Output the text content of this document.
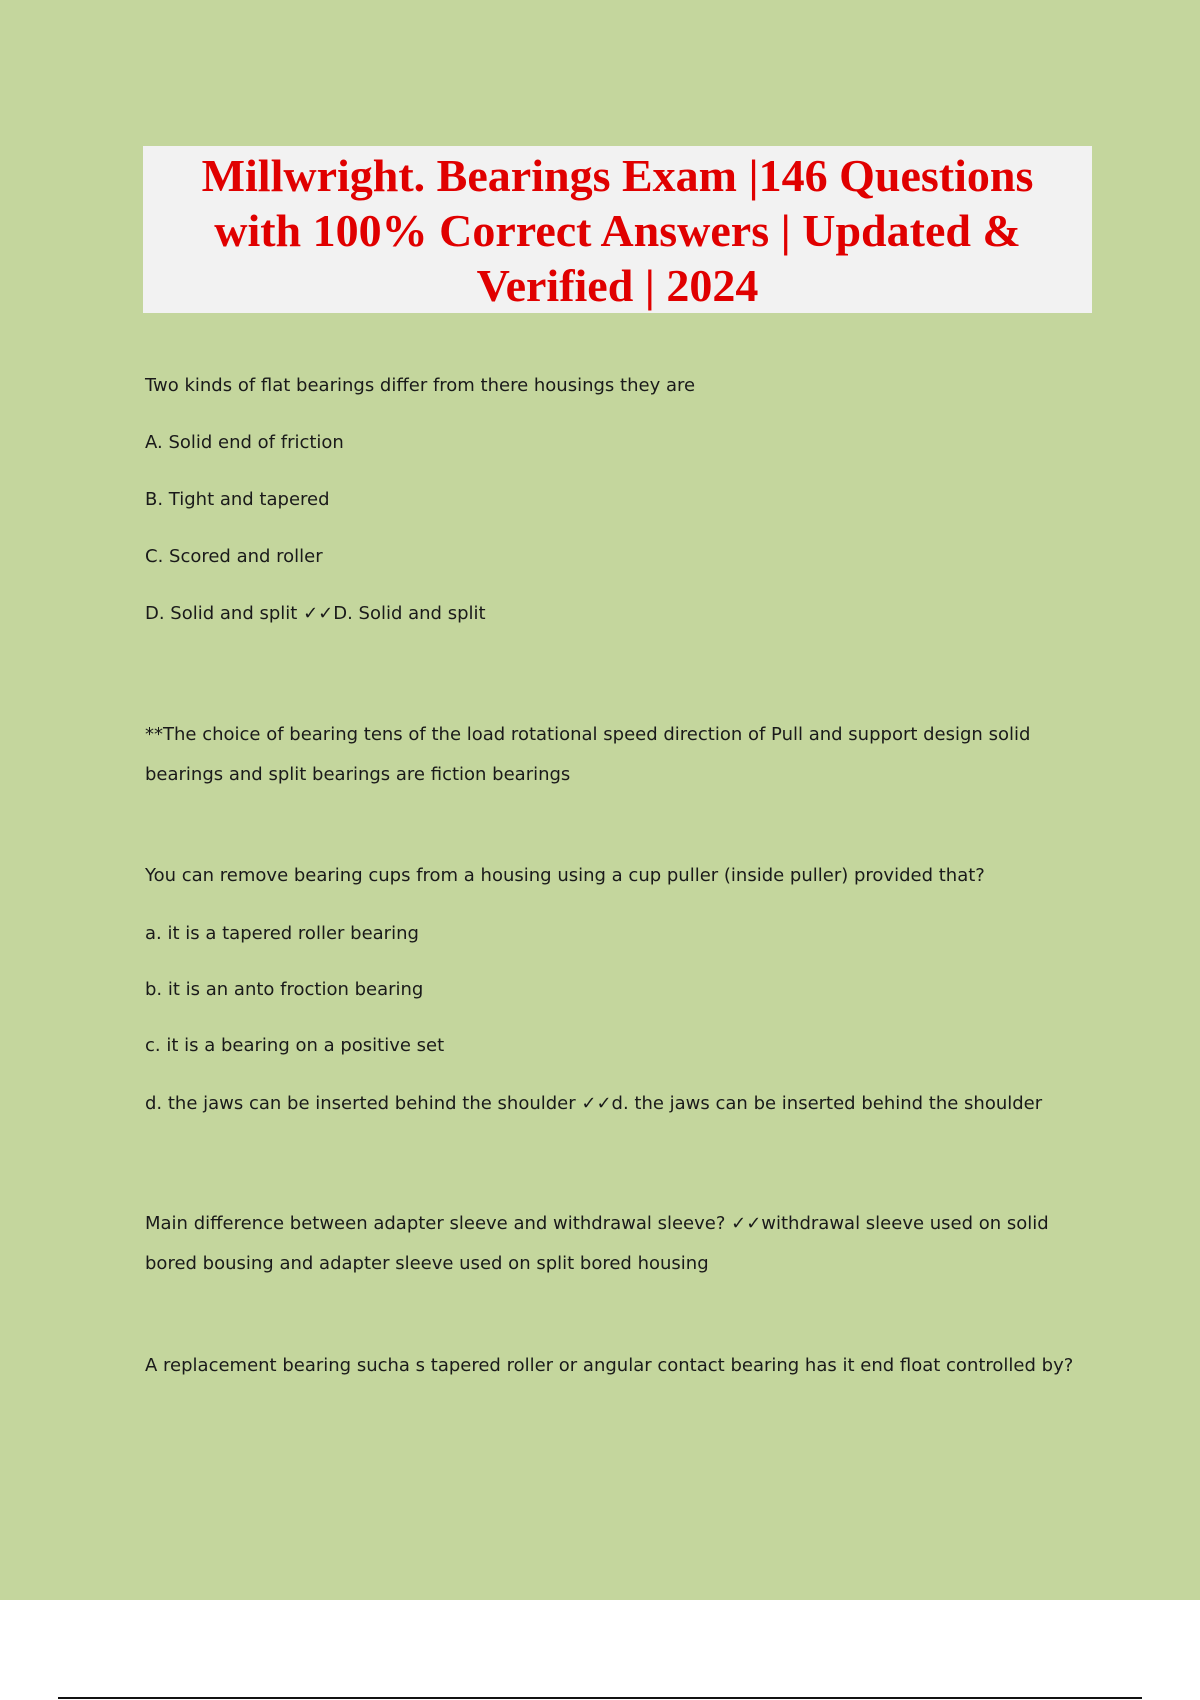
Millwright. Bearings Exam |146 Questions with 100% Correct Answers | Updated & Verified | 2024

Two kinds of flat bearings differ from there housings they are

A. Solid end of friction

B. Tight and tapered

C. Scored and roller

D. Solid and split ✓✓D. Solid and split

**The choice of bearing tens of the load rotational speed direction of Pull and support design solid bearings and split bearings are fiction bearings

You can remove bearing cups from a housing using a cup puller (inside puller) provided that?

a. it is a tapered roller bearing

b. it is an anto froction bearing

c. it is a bearing on a positive set

d. the jaws can be inserted behind the shoulder ✓✓d. the jaws can be inserted behind the shoulder

Main difference between adapter sleeve and withdrawal sleeve? ✓✓withdrawal sleeve used on solid bored bousing and adapter sleeve used on split bored housing

A replacement bearing sucha s tapered roller or angular contact bearing has it end float controlled by?
